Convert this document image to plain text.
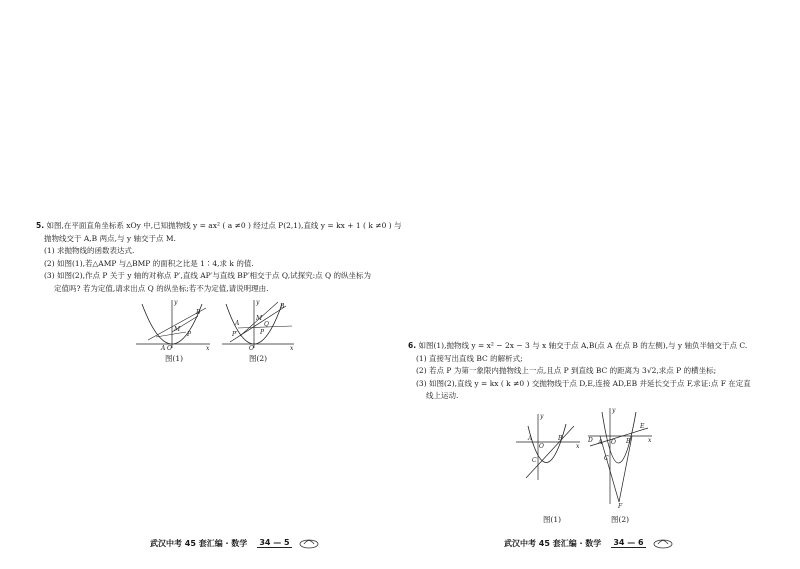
5. 如图,在平面直角坐标系 xOy 中,已知抛物线 y = ax² ( a ≠0 ) 经过点 P(2,1),直线 y = kx + 1 ( k ≠0 ) 与
抛物线交于 A,B 两点,与 y 轴交于点 M.
(1) 求抛物线的函数表达式.
(2) 如图(1),若△AMP 与△BMP 的面积之比是 1∶4,求 k 的值.
(3) 如图(2),作点 P 关于 y 轴的对称点 P′,直线 AP′与直线 BP′相交于点 Q,试探究:点 Q 的纵坐标为
定值吗? 若为定值,请求出点 Q 的纵坐标;若不为定值,请说明理由.
y
x
A O
M
P
B
图(1)
y
x
A
P′
O
M
P
B
Q
图(2)
武汉中考 45 套汇编 · 数学 34 — 5
6. 如图(1),抛物线 y = x² − 2x − 3 与 x 轴交于点 A,B(点 A 在点 B 的左侧),与 y 轴负半轴交于点 C.
(1) 直接写出直线 BC 的解析式;
(2) 若点 P 为第一象限内抛物线上一点,且点 P 到直线 BC 的距离为 3√2,求点 P 的横坐标;
(3) 如图(2),直线 y = kx ( k ≠0 ) 交抛物线于点 D,E,连接 AD,EB 并延长交于点 F,求证:点 F 在定直
线上运动.
y
x
A
O
B
C
图(1)
y
x
D A O B
E
C
F
图(2)
武汉中考 45 套汇编 · 数学 34 — 6
